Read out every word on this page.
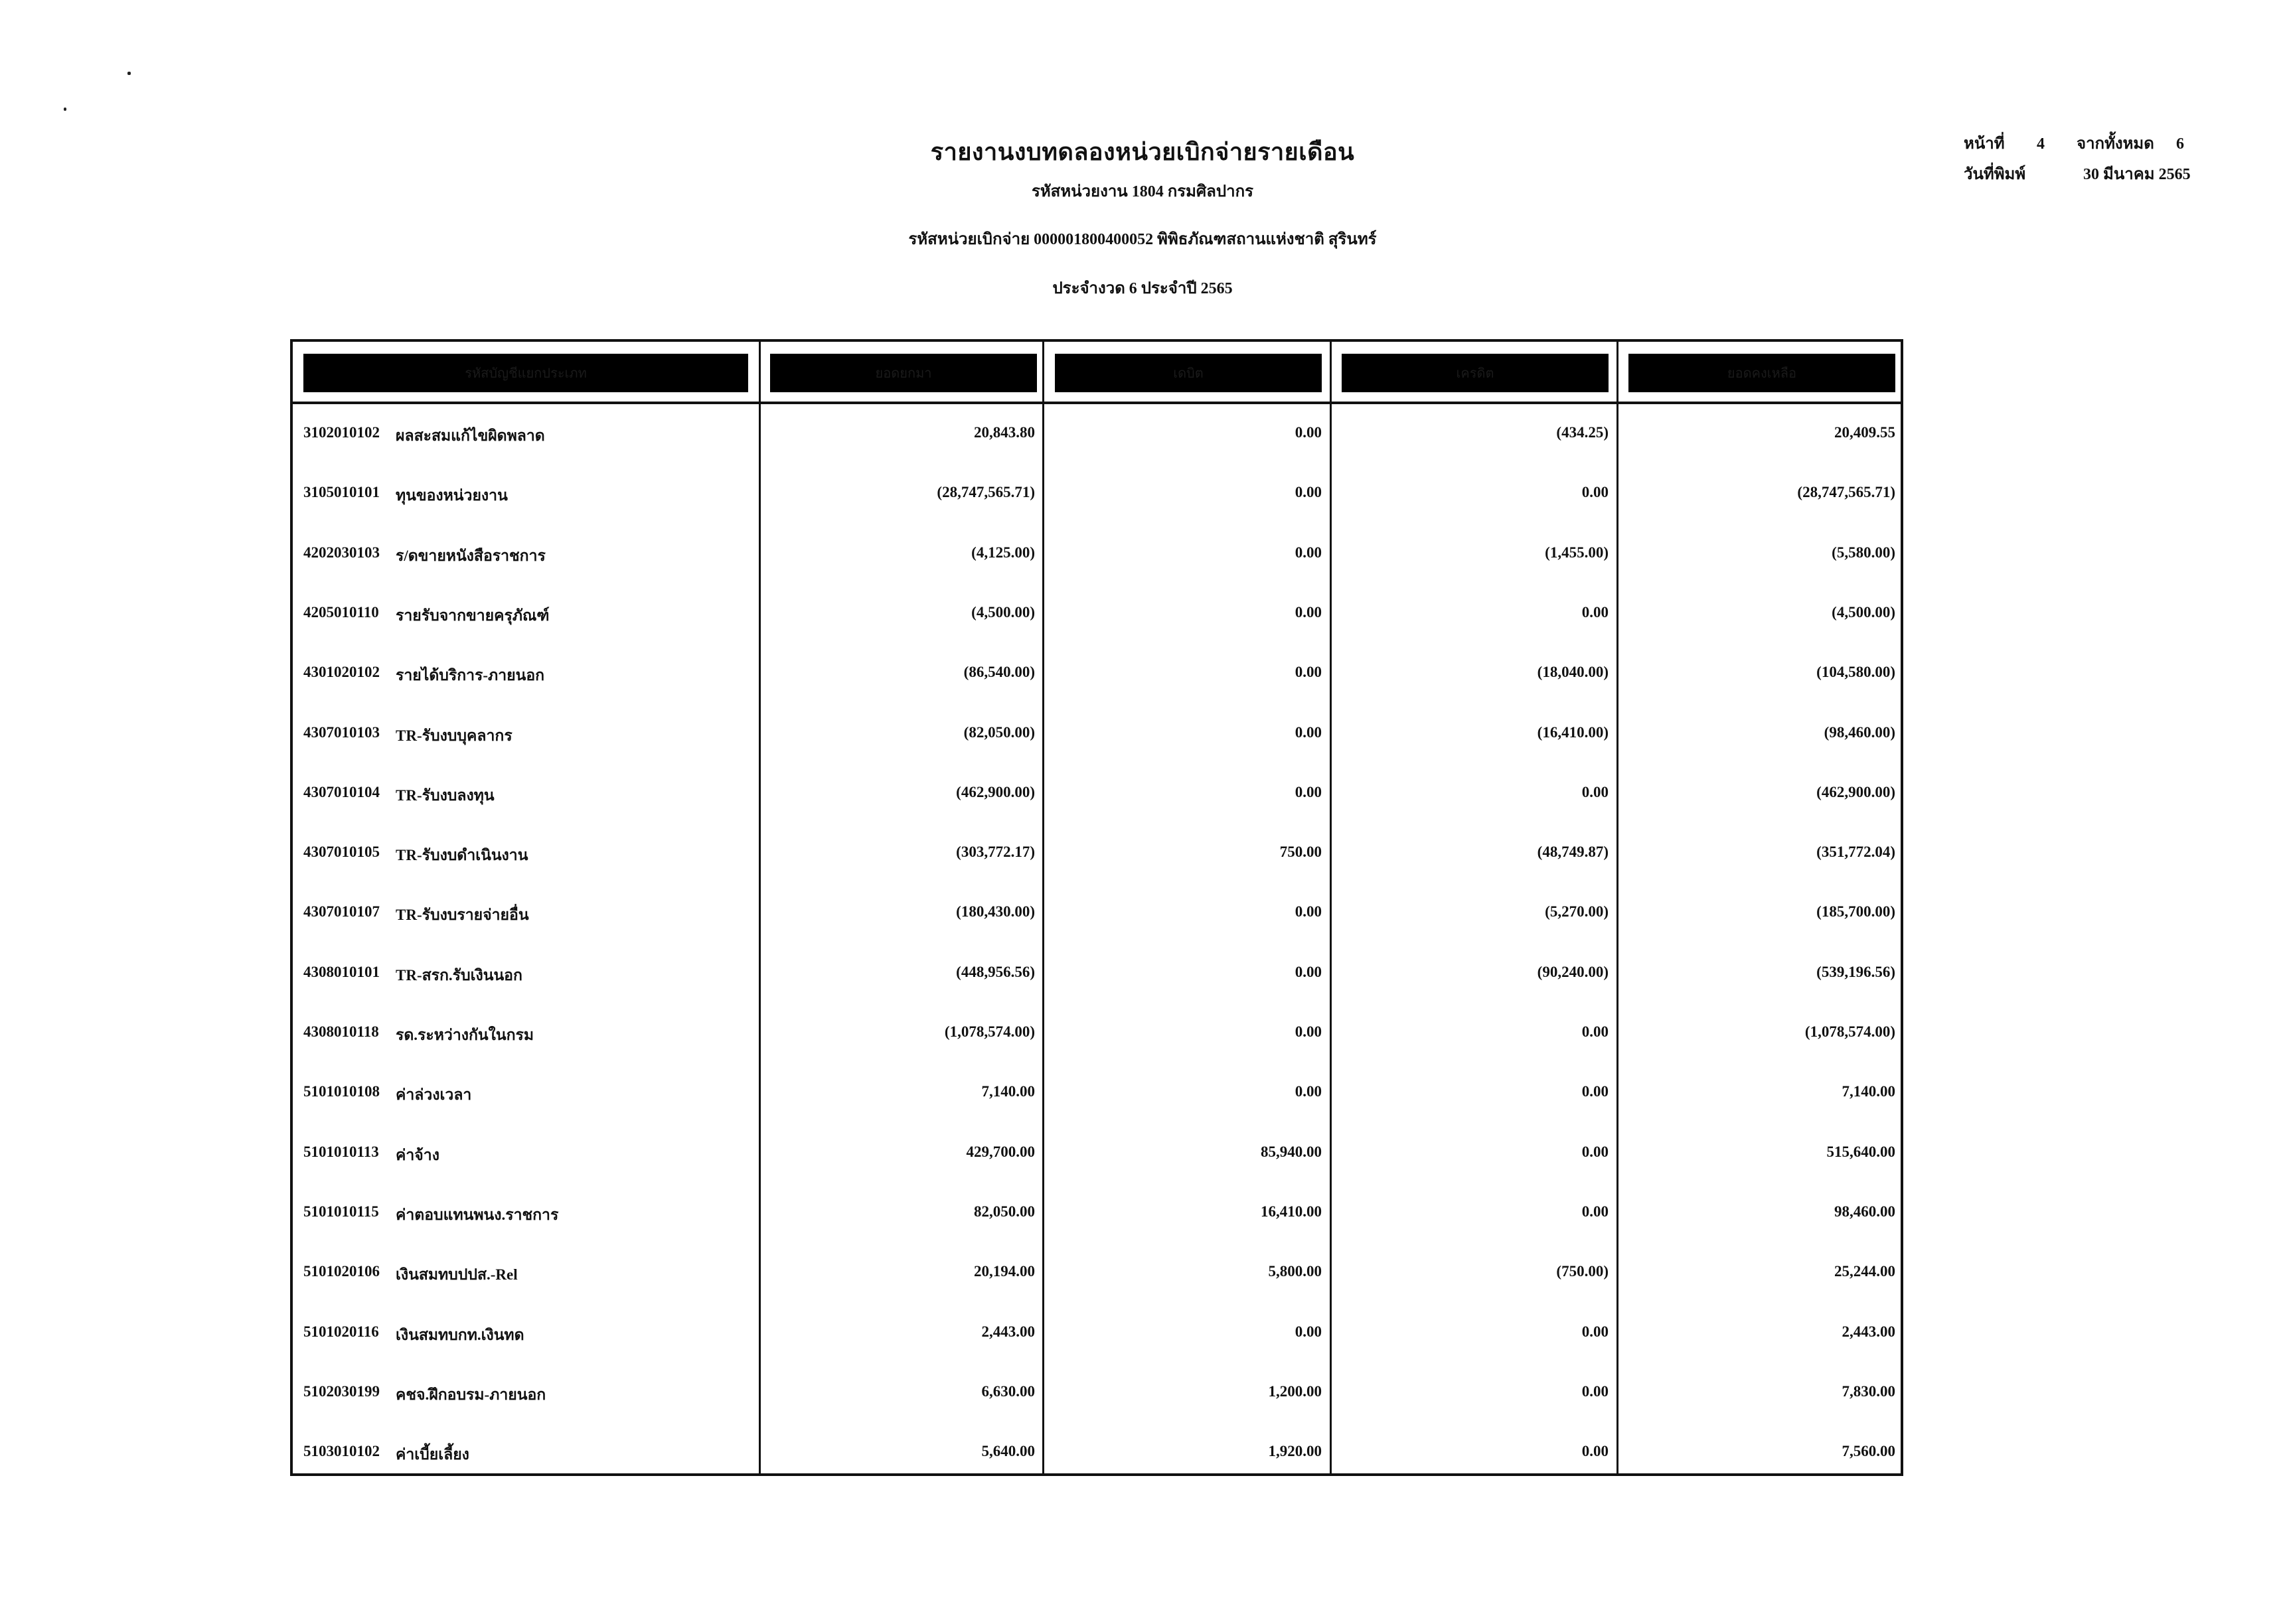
รายงานงบทดลองหน่วยเบิกจ่ายรายเดือน
รหัสหน่วยงาน 1804 กรมศิลปากร
รหัสหน่วยเบิกจ่าย 000001800400052 พิพิธภัณฑสถานแห่งชาติ สุรินทร์
ประจำงวด 6 ประจำปี 2565
หน้าที่ 4 จากทั้งหมด 6
วันที่พิมพ์	30 มีนาคม 2565
รหัสบัญชีแยกประเภท	ยอดยกมา	เดบิต	เครดิต	ยอดคงเหลือ
3102010102 ผลสะสมแก้ไขผิดพลาด	20,843.80	0.00	(434.25)	20,409.55
3105010101 ทุนของหน่วยงาน	(28,747,565.71)	0.00	0.00	(28,747,565.71)
4202030103 ร/ดขายหนังสือราชการ	(4,125.00)	0.00	(1,455.00)	(5,580.00)
4205010110 รายรับจากขายครุภัณฑ์	(4,500.00)	0.00	0.00	(4,500.00)
4301020102 รายได้บริการ-ภายนอก	(86,540.00)	0.00	(18,040.00)	(104,580.00)
4307010103 TR-รับงบบุคลากร	(82,050.00)	0.00	(16,410.00)	(98,460.00)
4307010104 TR-รับงบลงทุน	(462,900.00)	0.00	0.00	(462,900.00)
4307010105 TR-รับงบดำเนินงาน	(303,772.17)	750.00	(48,749.87)	(351,772.04)
4307010107 TR-รับงบรายจ่ายอื่น	(180,430.00)	0.00	(5,270.00)	(185,700.00)
4308010101 TR-สรก.รับเงินนอก	(448,956.56)	0.00	(90,240.00)	(539,196.56)
4308010118 รด.ระหว่างกันในกรม	(1,078,574.00)	0.00	0.00	(1,078,574.00)
5101010108 ค่าล่วงเวลา	7,140.00	0.00	0.00	7,140.00
5101010113 ค่าจ้าง	429,700.00	85,940.00	0.00	515,640.00
5101010115 ค่าตอบแทนพนง.ราชการ	82,050.00	16,410.00	0.00	98,460.00
5101020106 เงินสมทบปปส.-Rel	20,194.00	5,800.00	(750.00)	25,244.00
5101020116 เงินสมทบกท.เงินทด	2,443.00	0.00	0.00	2,443.00
5102030199 คชจ.ฝึกอบรม-ภายนอก	6,630.00	1,200.00	0.00	7,830.00
5103010102 ค่าเบี้ยเลี้ยง	5,640.00	1,920.00	0.00	7,560.00
